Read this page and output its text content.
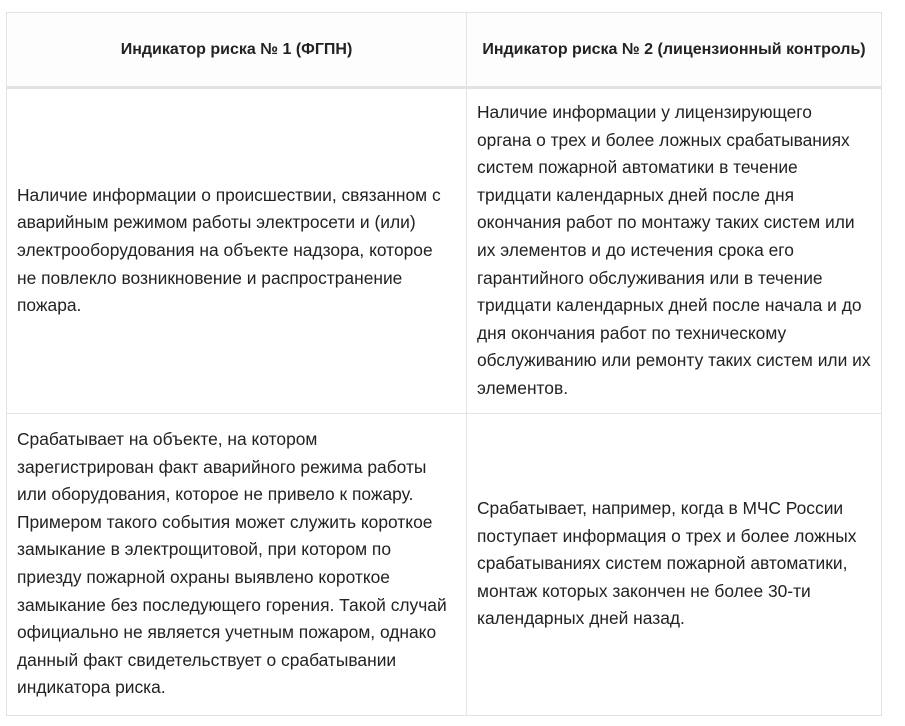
Индикатор риска № 1 (ФГПН)	Индикатор риска № 2 (лицензионный контроль)
Наличие информации о происшествии, связанном с аварийным режимом работы электросети и (или) электрооборудования на объекте надзора, которое не повлекло возникновение и распространение пожара.	Наличие информации у лицензирующего органа о трех и более ложных срабатываниях систем пожарной автоматики в течение тридцати календарных дней после дня окончания работ по монтажу таких систем или их элементов и до истечения срока его гарантийного обслуживания или в течение тридцати календарных дней после начала и до дня окончания работ по техническому обслуживанию или ремонту таких систем или их элементов.
Срабатывает на объекте, на котором зарегистрирован факт аварийного режима работы или оборудования, которое не привело к пожару. Примером такого события может служить короткое замыкание в электрощитовой, при котором по приезду пожарной охраны выявлено короткое замыкание без последующего горения. Такой случай официально не является учетным пожаром, однако данный факт свидетельствует о срабатывании индикатора риска.	Срабатывает, например, когда в МЧС России поступает информация о трех и более ложных срабатываниях систем пожарной автоматики, монтаж которых закончен не более 30-ти календарных дней назад.
